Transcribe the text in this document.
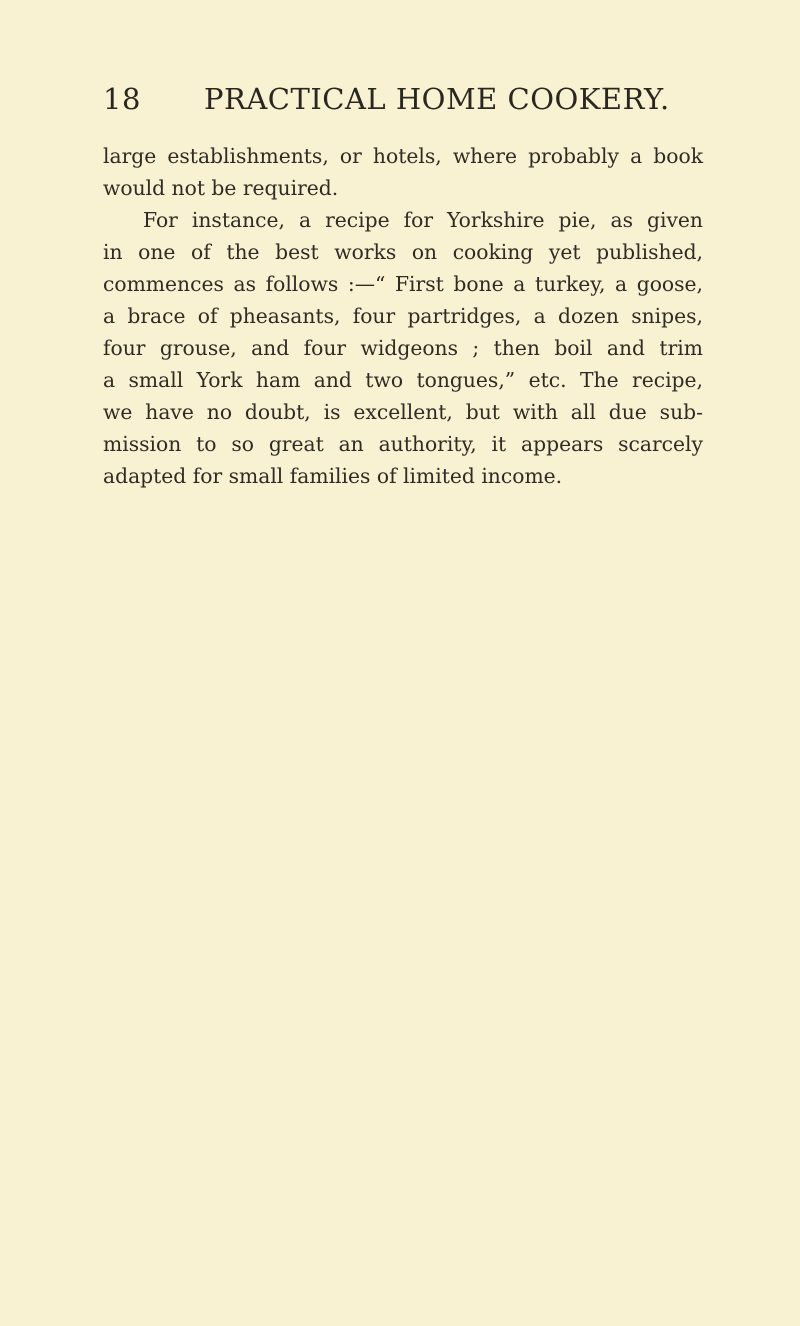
18 PRACTICAL HOME COOKERY.
large establishments, or hotels, where probably a book
would not be required.
For instance, a recipe for Yorkshire pie, as given
in one of the best works on cooking yet published,
commences as follows :—“ First bone a turkey, a goose,
a brace of pheasants, four partridges, a dozen snipes,
four grouse, and four widgeons ; then boil and trim
a small York ham and two tongues,” etc. The recipe,
we have no doubt, is excellent, but with all due sub-
mission to so great an authority, it appears scarcely
adapted for small families of limited income.
